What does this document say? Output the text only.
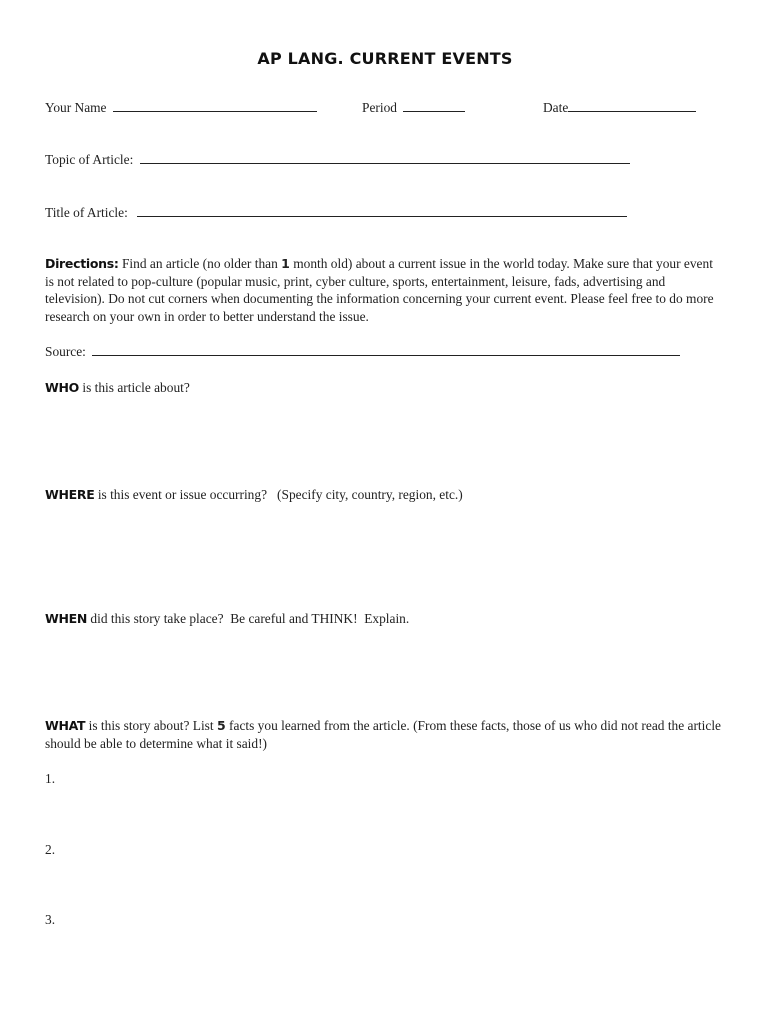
AP LANG. CURRENT EVENTS
Your Name	Period	Date
Topic of Article:
Title of Article:
Directions: Find an article (no older than 1 month old) about a current issue in the world today. Make sure that your event is not related to pop-culture (popular music, print, cyber culture, sports, entertainment, leisure, fads, advertising and television). Do not cut corners when documenting the information concerning your current event. Please feel free to do more research on your own in order to better understand the issue.
Source:
WHO is this article about?
WHERE is this event or issue occurring?   (Specify city, country, region, etc.)
WHEN did this story take place?  Be careful and THINK!  Explain.
WHAT is this story about? List 5 facts you learned from the article. (From these facts, those of us who did not read the article should be able to determine what it said!)
1.
2.
3.
